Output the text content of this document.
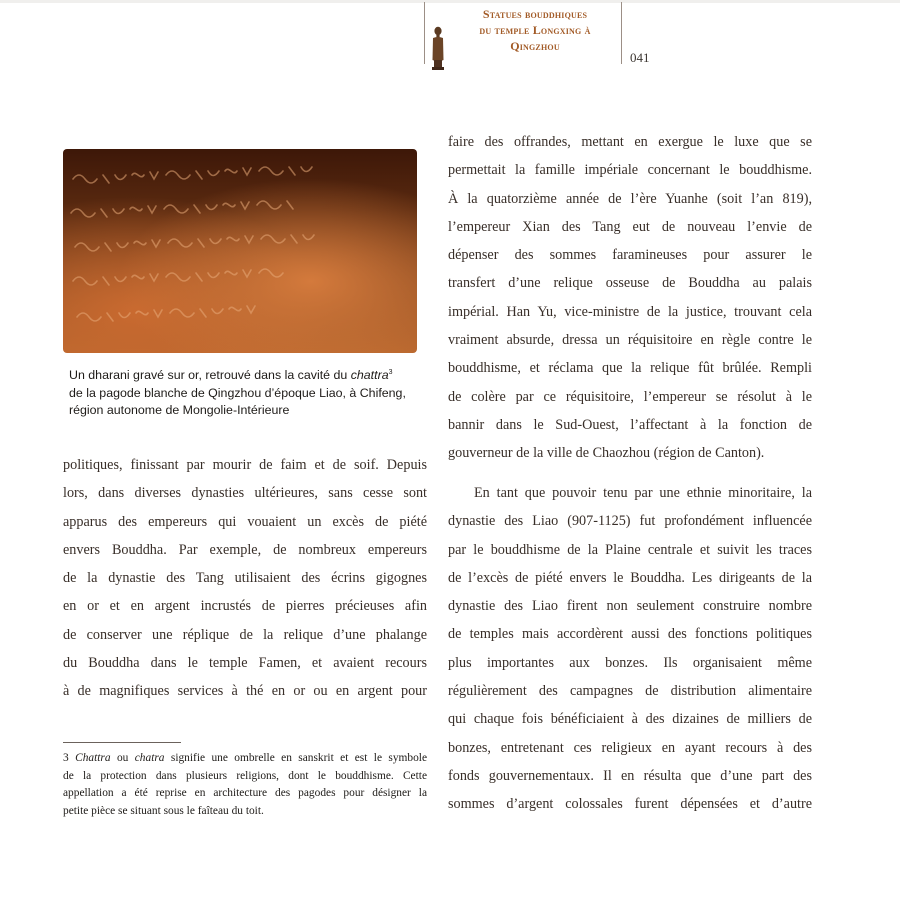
Statues bouddhiques
du temple Longxing à
Qingzhou
041
Un dharani gravé sur or, retrouvé dans la cavité du chattra$^3$
de la pagode blanche de Qingzhou d’époque Liao, à Chifeng,
région autonome de Mongolie-Intérieure
politiques, finissant par mourir de faim et de soif. Depuis
lors, dans diverses dynasties ultérieures, sans cesse sont
apparus des empereurs qui vouaient un excès de piété
envers Bouddha. Par exemple, de nombreux empereurs
de la dynastie des Tang utilisaient des écrins gigognes
en or et en argent incrustés de pierres précieuses afin
de conserver une réplique de la relique d’une phalange
du Bouddha dans le temple Famen, et avaient recours
à de magnifiques services à thé en or ou en argent pour
3 Chattra ou chatra signifie une ombrelle en sanskrit et est le symbole
de la protection dans plusieurs religions, dont le bouddhisme. Cette
appellation a été reprise en architecture des pagodes pour désigner la
petite pièce se situant sous le faîteau du toit.
faire des offrandes, mettant en exergue le luxe que se
permettait la famille impériale concernant le bouddhisme.
À la quatorzième année de l’ère Yuanhe (soit l’an 819),
l’empereur Xian des Tang eut de nouveau l’envie de
dépenser des sommes faramineuses pour assurer le
transfert d’une relique osseuse de Bouddha au palais
impérial. Han Yu, vice-ministre de la justice, trouvant cela
vraiment absurde, dressa un réquisitoire en règle contre le
bouddhisme, et réclama que la relique fût brûlée. Rempli
de colère par ce réquisitoire, l’empereur se résolut à le
bannir dans le Sud-Ouest, l’affectant à la fonction de
gouverneur de la ville de Chaozhou (région de Canton).
En tant que pouvoir tenu par une ethnie minoritaire, la
dynastie des Liao (907-1125) fut profondément influencée
par le bouddhisme de la Plaine centrale et suivit les traces
de l’excès de piété envers le Bouddha. Les dirigeants de la
dynastie des Liao firent non seulement construire nombre
de temples mais accordèrent aussi des fonctions politiques
plus importantes aux bonzes. Ils organisaient même
régulièrement des campagnes de distribution alimentaire
qui chaque fois bénéficiaient à des dizaines de milliers de
bonzes, entretenant ces religieux en ayant recours à des
fonds gouvernementaux. Il en résulta que d’une part des
sommes d’argent colossales furent dépensées et d’autre
